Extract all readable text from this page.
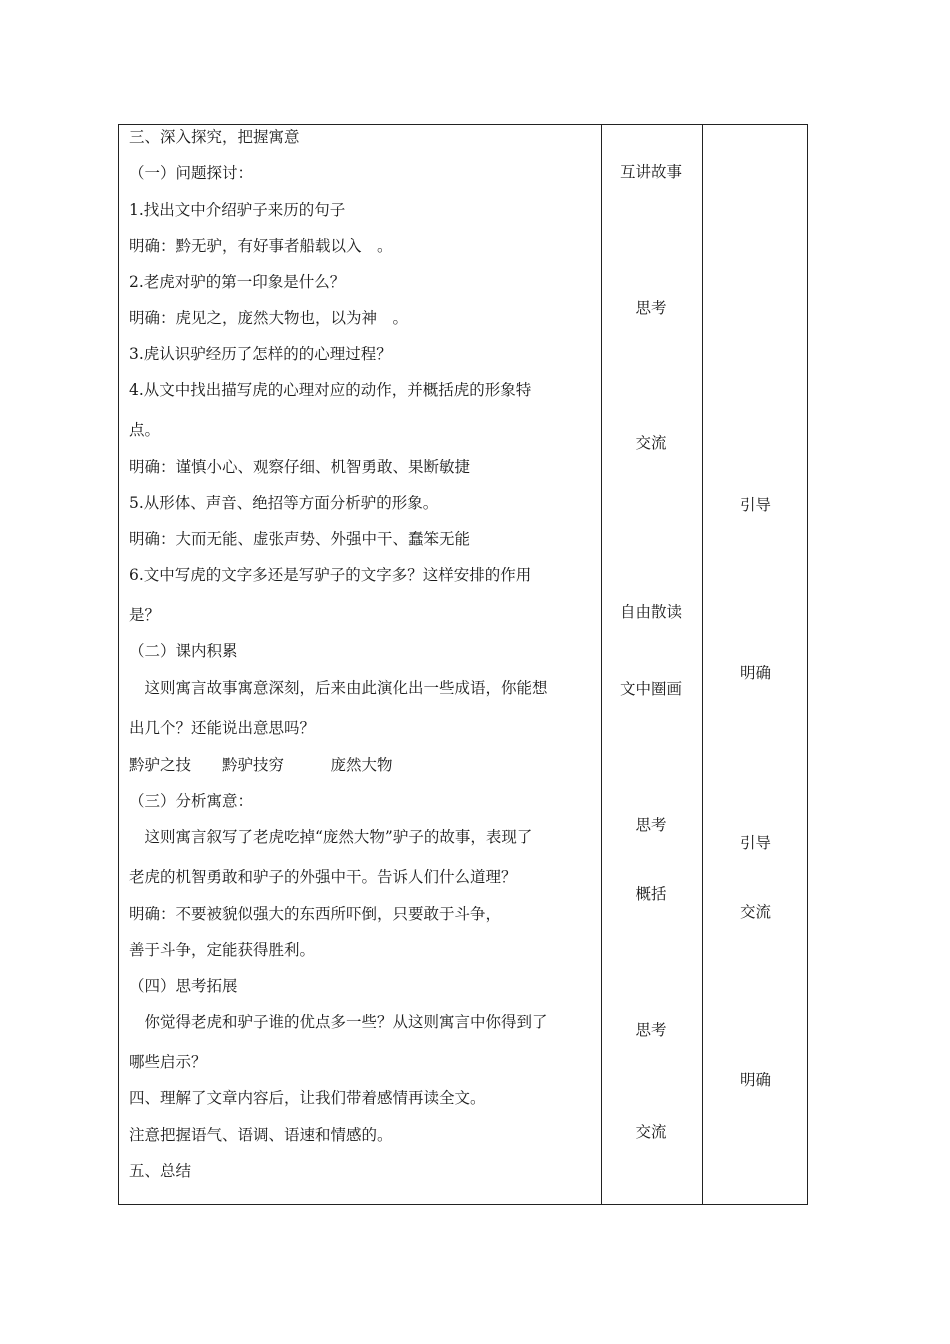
三、深入探究，把握寓意
（一）问题探讨：
1.找出文中介绍驴子来历的句子
明确：黔无驴，有好事者船载以入　。
2.老虎对驴的第一印象是什么？
明确：虎见之，庞然大物也，以为神　。
3.虎认识驴经历了怎样的的心理过程？
4.从文中找出描写虎的心理对应的动作，并概括虎的形象特
点。
明确：谨慎小心、观察仔细、机智勇敢、果断敏捷
5.从形体、声音、绝招等方面分析驴的形象。
明确：大而无能、虚张声势、外强中干、蠢笨无能
6.文中写虎的文字多还是写驴子的文字多？这样安排的作用
是？
（二）课内积累
　这则寓言故事寓意深刻，后来由此演化出一些成语，你能想
出几个？还能说出意思吗？
黔驴之技　　黔驴技穷　　　庞然大物
（三）分析寓意：
　这则寓言叙写了老虎吃掉“庞然大物”驴子的故事，表现了
老虎的机智勇敢和驴子的外强中干。告诉人们什么道理？
明确：不要被貌似强大的东西所吓倒，只要敢于斗争，
善于斗争，定能获得胜利。
（四）思考拓展
　你觉得老虎和驴子谁的优点多一些？从这则寓言中你得到了
哪些启示？
四、理解了文章内容后，让我们带着感情再读全文。
注意把握语气、语调、语速和情感的。
五、总结
互讲故事
思考
交流
自由散读
文中圈画
思考
概括
思考
交流
引导
明确
引导
交流
明确
